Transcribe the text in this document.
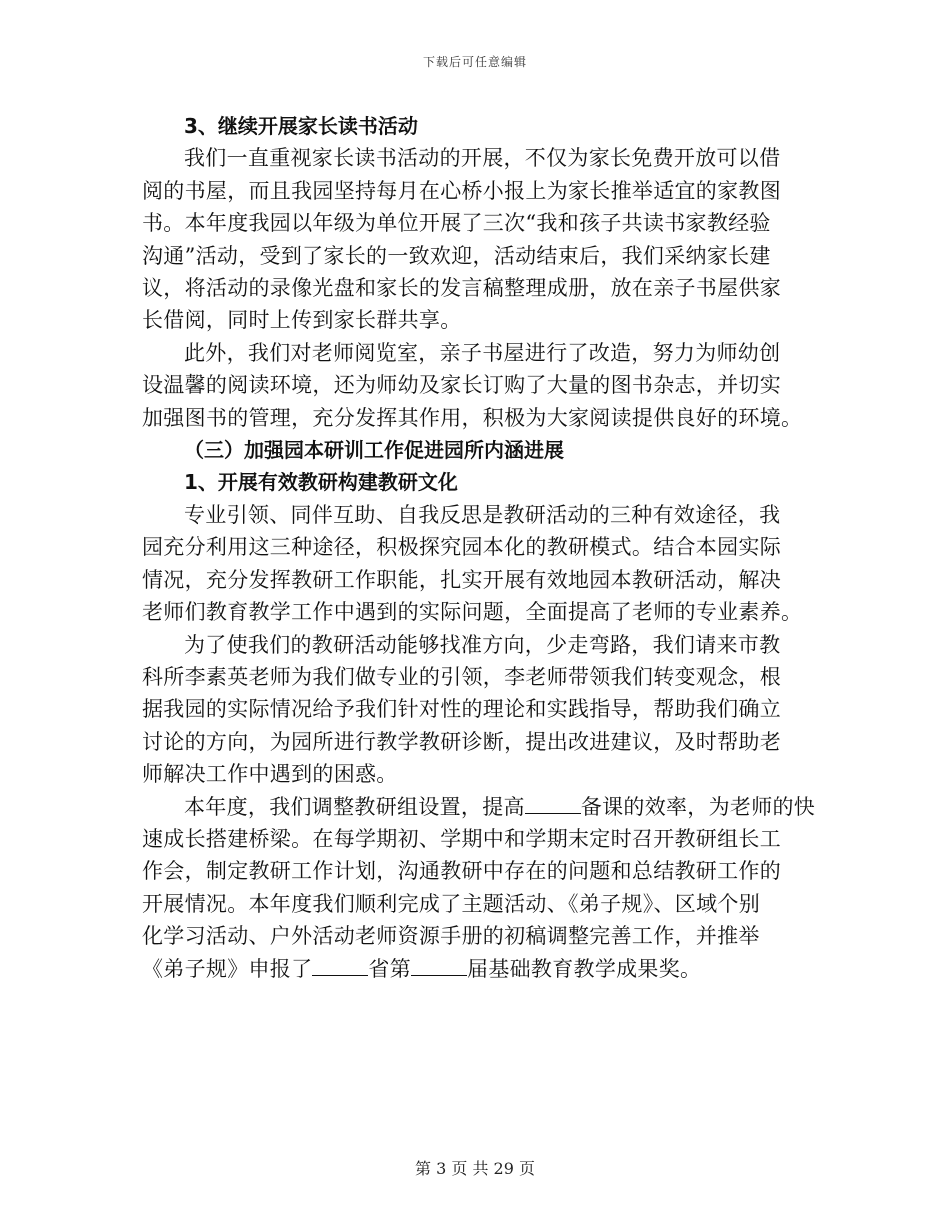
下载后可任意编辑

3、继续开展家长读书活动

我们一直重视家长读书活动的开展，不仅为家长免费开放可以借

阅的书屋，而且我园坚持每月在心桥小报上为家长推举适宜的家教图

书。本年度我园以年级为单位开展了三次“我和孩子共读书家教经验

沟通”活动，受到了家长的一致欢迎，活动结束后，我们采纳家长建

议，将活动的录像光盘和家长的发言稿整理成册，放在亲子书屋供家

长借阅，同时上传到家长群共享。

此外，我们对老师阅览室，亲子书屋进行了改造，努力为师幼创

设温馨的阅读环境，还为师幼及家长订购了大量的图书杂志，并切实

加强图书的管理，充分发挥其作用，积极为大家阅读提供良好的环境。

（三）加强园本研训工作促进园所内涵进展

1、开展有效教研构建教研文化

专业引领、同伴互助、自我反思是教研活动的三种有效途径，我

园充分利用这三种途径，积极探究园本化的教研模式。结合本园实际

情况，充分发挥教研工作职能，扎实开展有效地园本教研活动，解决

老师们教育教学工作中遇到的实际问题，全面提高了老师的专业素养。

为了使我们的教研活动能够找准方向，少走弯路，我们请来市教

科所李素英老师为我们做专业的引领，李老师带领我们转变观念，根

据我园的实际情况给予我们针对性的理论和实践指导，帮助我们确立

讨论的方向，为园所进行教学教研诊断，提出改进建议，及时帮助老

师解决工作中遇到的困惑。

本年度，我们调整教研组设置，提高	备课的效率，为老师的快

速成长搭建桥梁。在每学期初、学期中和学期末定时召开教研组长工

作会，制定教研工作计划，沟通教研中存在的问题和总结教研工作的

开展情况。本年度我们顺利完成了主题活动、《弟子规》、区域个别

化学习活动、户外活动老师资源手册的初稿调整完善工作，并推举

《弟子规》申报了	省第	届基础教育教学成果奖。

第 3 页 共 29 页
